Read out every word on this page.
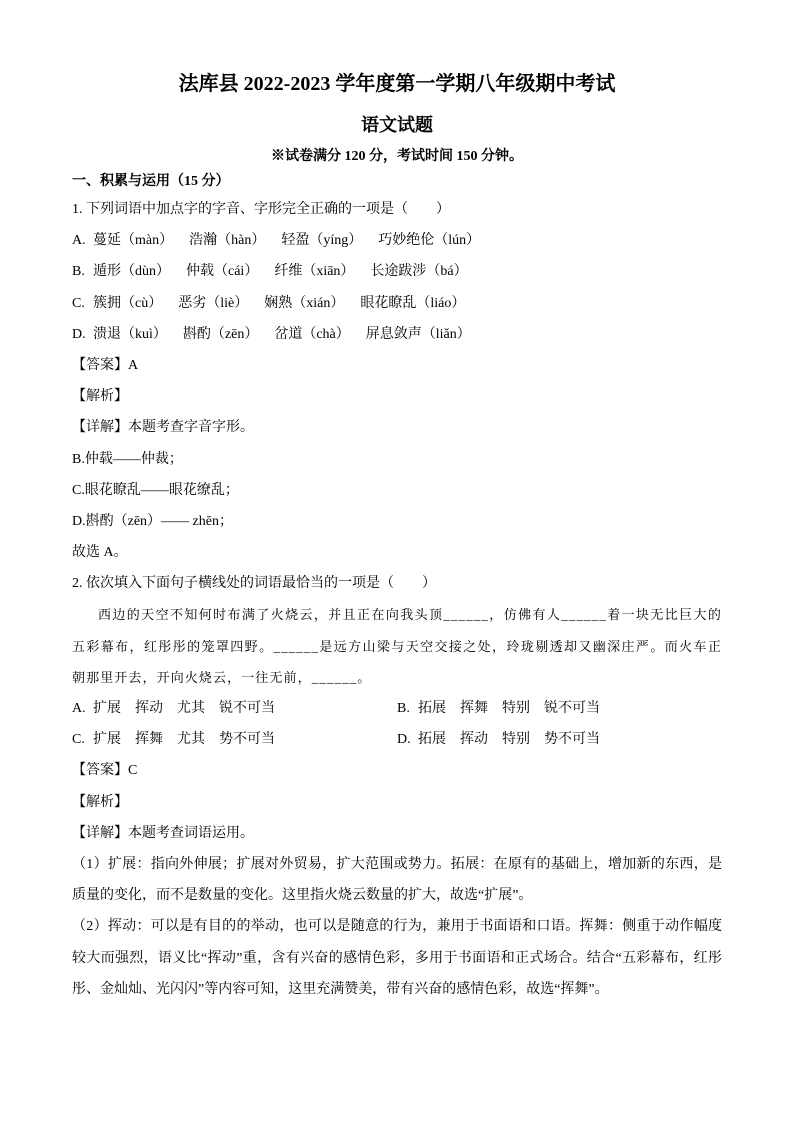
法库县 2022-2023 学年度第一学期八年级期中考试
语文试题
※试卷满分 120 分，考试时间 150 分钟。
一、积累与运用（15 分）
1. 下列词语中加点字的字音、字形完全正确的一项是（　　）
A. 蔓延（màn） 浩瀚（hàn） 轻盈（yíng） 巧妙绝伦（lún）
B. 遁形（dùn） 仲载（cái） 纤维（xiān） 长途跋涉（bá）
C. 簇拥（cù） 恶劣（liè） 娴熟（xián） 眼花瞭乱（liáo）
D. 溃退（kuì） 斟酌（zēn） 岔道（chà） 屏息敛声（liǎn）
【答案】A
【解析】
【详解】本题考查字音字形。
B.仲载——仲裁；
C.眼花瞭乱——眼花缭乱；
D.斟酌（zēn）—— zhēn；
故选 A。
2. 依次填入下面句子横线处的词语最恰当的一项是（　　）
西边的天空不知何时布满了火烧云，并且正在向我头顶______，仿佛有人______着一块无比巨大的五彩幕布，红彤彤的笼罩四野。______是远方山梁与天空交接之处，玲珑剔透却又幽深庄严。而火车正朝那里开去，开向火烧云，一往无前，______。
A. 扩展 挥动 尤其 锐不可当	B. 拓展 挥舞 特别 锐不可当
C. 扩展 挥舞 尤其 势不可当	D. 拓展 挥动 特别 势不可当
【答案】C
【解析】
【详解】本题考查词语运用。
（1）扩展：指向外伸展；扩展对外贸易，扩大范围或势力。拓展：在原有的基础上，增加新的东西，是质量的变化，而不是数量的变化。这里指火烧云数量的扩大，故选“扩展”。
（2）挥动：可以是有目的的举动，也可以是随意的行为，兼用于书面语和口语。挥舞：侧重于动作幅度较大而强烈，语义比“挥动”重，含有兴奋的感情色彩，多用于书面语和正式场合。结合“五彩幕布，红彤彤、金灿灿、光闪闪”等内容可知，这里充满赞美，带有兴奋的感情色彩，故选“挥舞”。
